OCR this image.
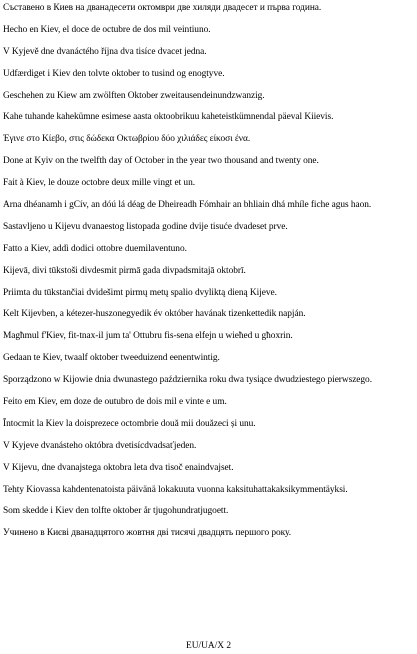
Съставено в Киев на дванадесети октомври две хиляди двадесет и първа година.
Hecho en Kiev, el doce de octubre de dos mil veintiuno.
V Kyjevě dne dvanáctého října dva tisíce dvacet jedna.
Udfærdiget i Kiev den tolvte oktober to tusind og enogtyve.
Geschehen zu Kiew am zwölften Oktober zweitausendeinundzwanzig.
Kahe tuhande kahekümne esimese aasta oktoobrikuu kaheteistkümnendal päeval Kiievis.
Έγινε στο Κίεβο, στις δώδεκα Οκτωβρίου δύο χιλιάδες είκοσι ένα.
Done at Kyiv on the twelfth day of October in the year two thousand and twenty one.
Fait à Kiev, le douze octobre deux mille vingt et un.
Arna dhéanamh i gCív, an dóú lá déag de Dheireadh Fómhair an bhliain dhá mhíle fiche agus haon.
Sastavljeno u Kijevu dvanaestog listopada godine dvije tisuće dvadeset prve.
Fatto a Kiev, addì dodici ottobre duemilaventuno.
Kijevā, divi tūkstoši divdesmit pirmā gada divpadsmitajā oktobrī.
Priimta du tūkstančiai dvidešimt pirmų metų spalio dvyliktą dieną Kijeve.
Kelt Kijevben, a kétezer-huszonegyedik év október havának tizenkettedik napján.
Magħmul f'Kiev, fit-tnax-il jum ta' Ottubru fis-sena elfejn u wieħed u għoxrin.
Gedaan te Kiev, twaalf oktober tweeduizend eenentwintig.
Sporządzono w Kijowie dnia dwunastego października roku dwa tysiące dwudziestego pierwszego.
Feito em Kiev, em doze de outubro de dois mil e vinte e um.
Întocmit la Kiev la doisprezece octombrie două mii douăzeci și unu.
V Kyjeve dvanásteho októbra dvetisícdvadsaťjeden.
V Kijevu, dne dvanajstega oktobra leta dva tisoč enaindvajset.
Tehty Kiovassa kahdentenatoista päivänä lokakuuta vuonna kaksituhattakaksikymmentäyksi.
Som skedde i Kiev den tolfte oktober år tjugohundratjugoett.
Учинено в Києві дванадцятого жовтня дві тисячі двадцять першого року.
EU/UA/X 2
